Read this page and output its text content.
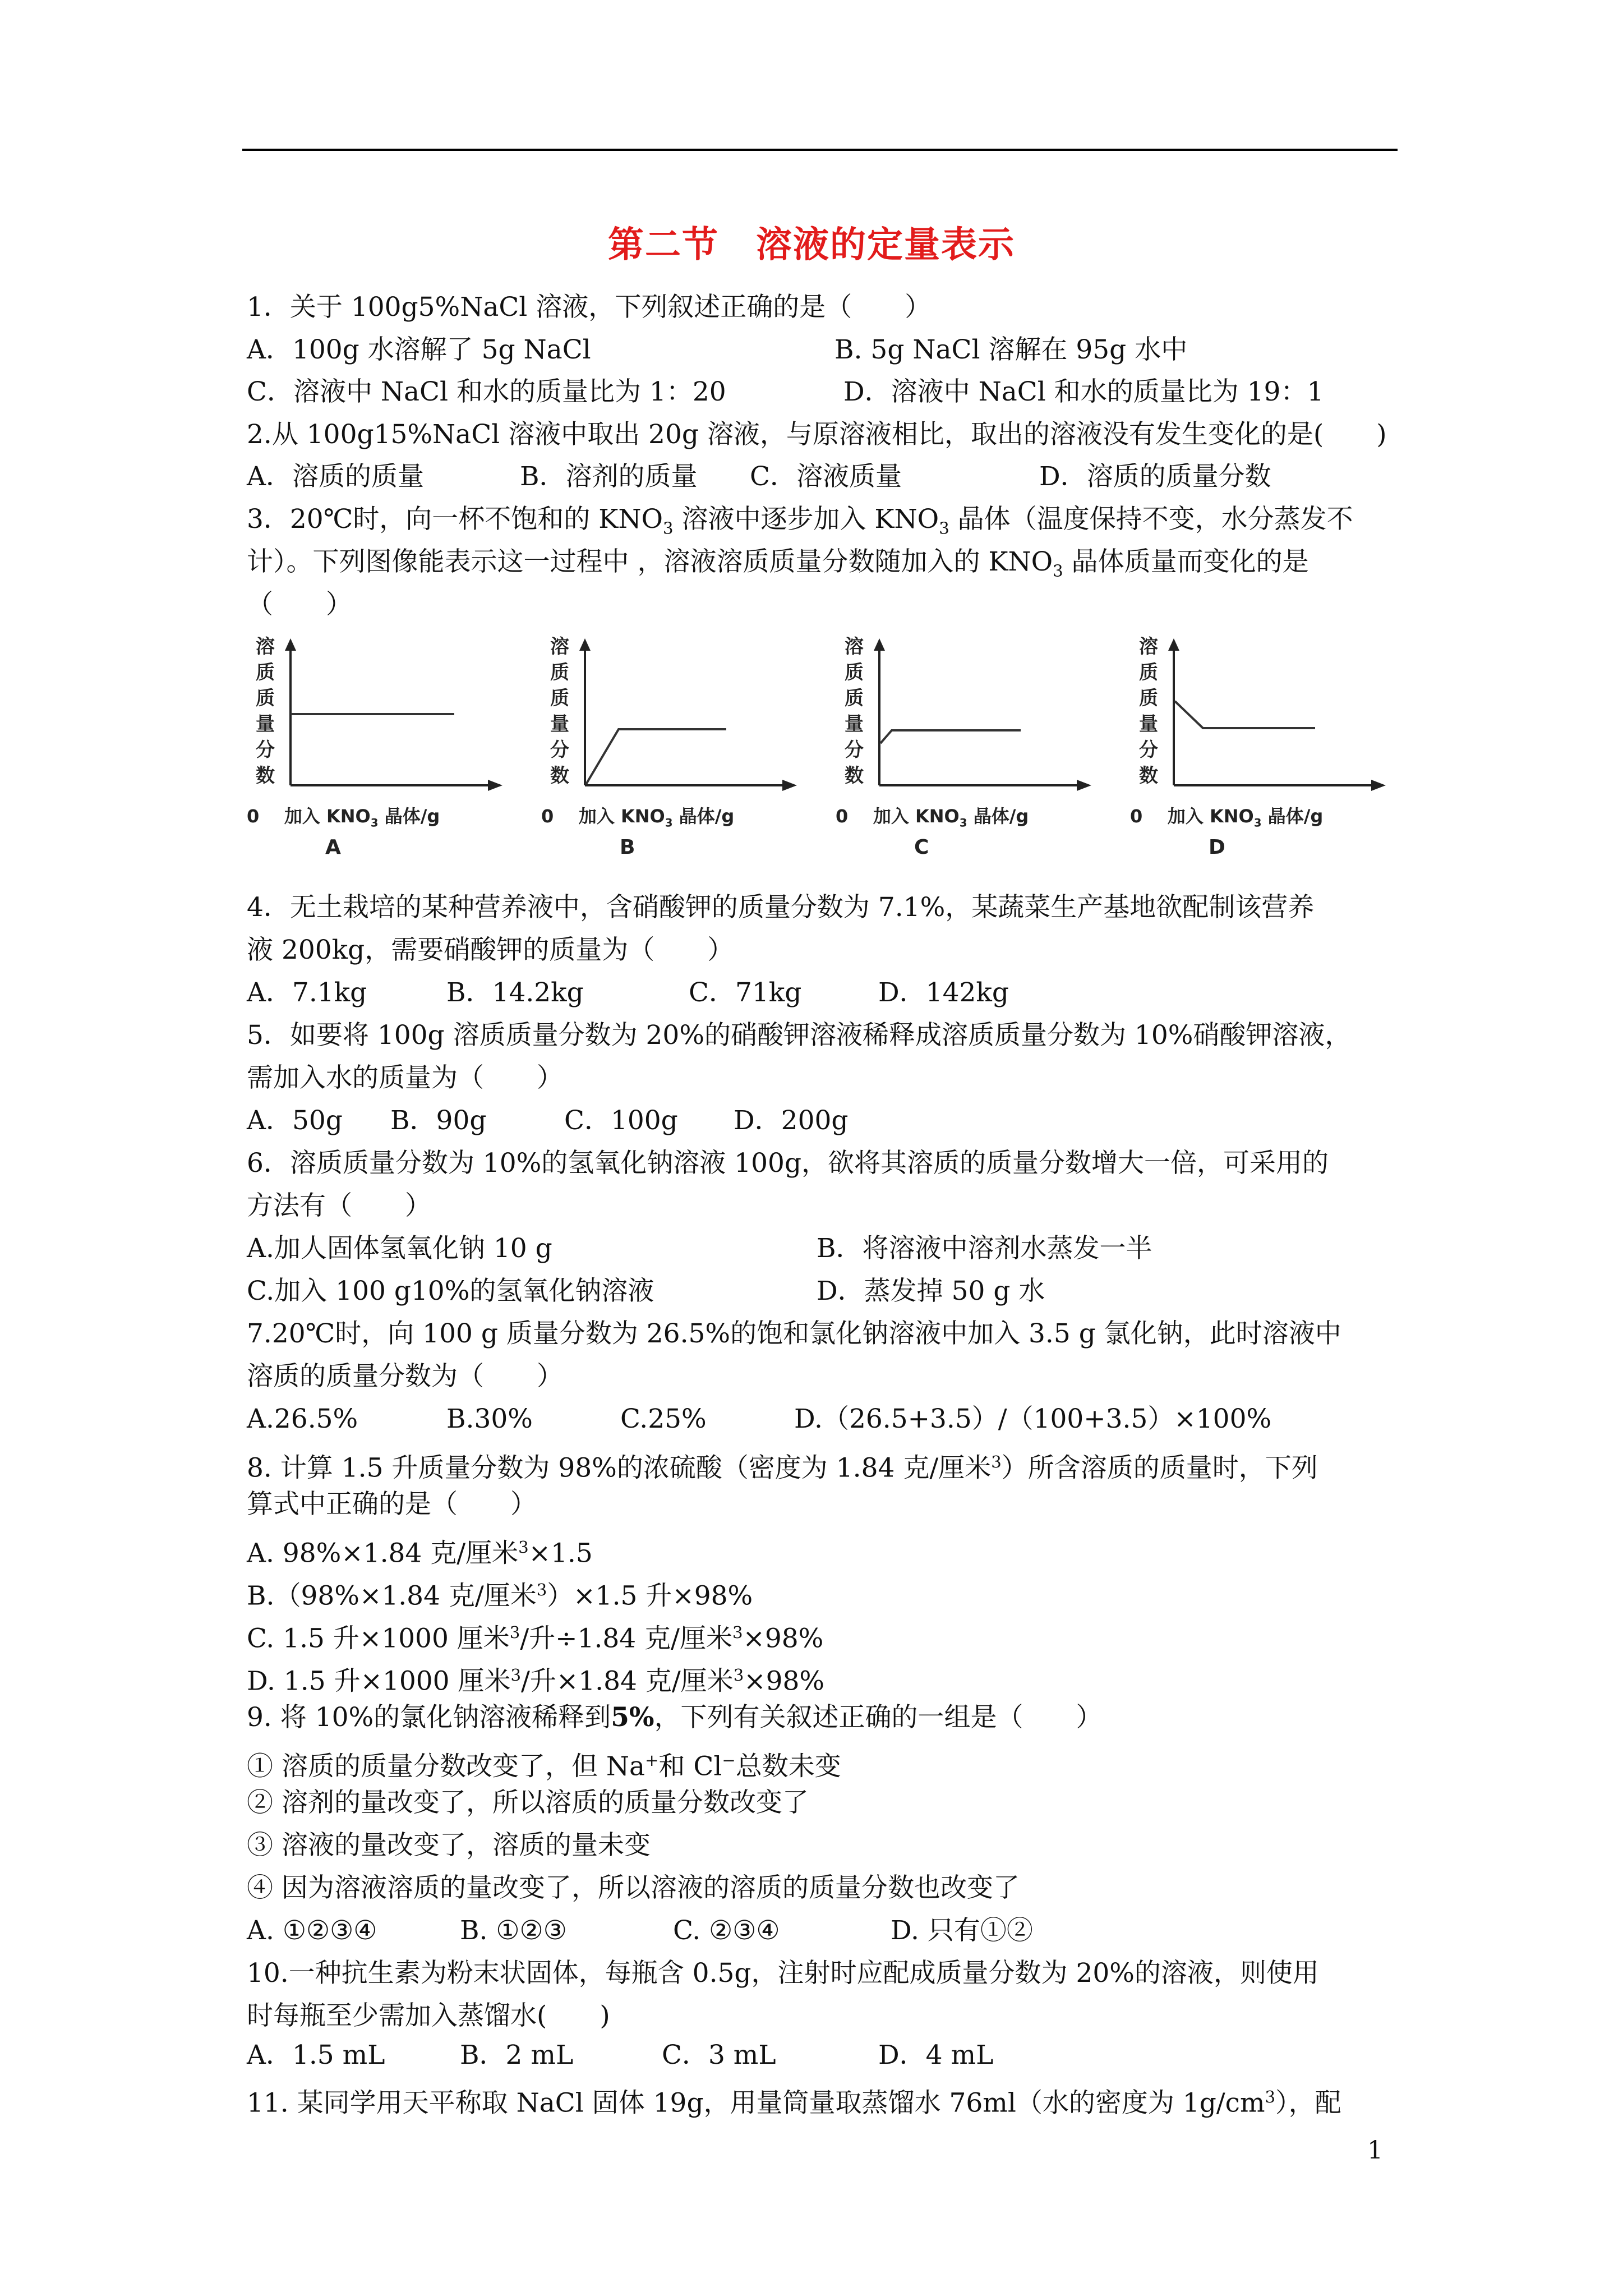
第二节　溶液的定量表示
1．关于 100g5%NaCl 溶液，下列叙述正确的是（　　）
A．100g 水溶解了 5g NaCl	B. 5g NaCl 溶解在 95g 水中
C．溶液中 NaCl 和水的质量比为 1：20	D．溶液中 NaCl 和水的质量比为 19：1
2.从 100g15%NaCl 溶液中取出 20g 溶液，与原溶液相比，取出的溶液没有发生变化的是(　　)
A．溶质的质量	B．溶剂的质量 C．溶液质量	D．溶质的质量分数
3．20℃时，向一杯不饱和的 $KNO_3$ 溶液中逐步加入 $KNO_3$ 晶体（温度保持不变，水分蒸发不
计）。下列图像能表示这一过程中 ，溶液溶质质量分数随加入的 $KNO_3$ 晶体质量而变化的是
（　　）
溶
质
质
量
分
数
0 加入 $KNO_3$ 晶体/g
A
溶
质
质
量
分
数
0 加入 $KNO_3$ 晶体/g
B
溶
质
质
量
分
数
0 加入 $KNO_3$ 晶体/g
C
溶
质
质
量
分
数
0 加入 $KNO_3$ 晶体/g
D
4．无土栽培的某种营养液中，含硝酸钾的质量分数为 7.1%，某蔬菜生产基地欲配制该营养
液 200kg，需要硝酸钾的质量为（　　）
A．7.1kg	B．14.2kg	C．71kg	D．142kg
5．如要将 100g 溶质质量分数为 20%的硝酸钾溶液稀释成溶质质量分数为 10%硝酸钾溶液，
需加入水的质量为（　　）
A．50g B．90g	C．100g D．200g
6．溶质质量分数为 10%的氢氧化钠溶液 100g，欲将其溶质的质量分数增大一倍，可采用的
方法有（　　）
A.加人固体氢氧化钠 10 g	B．将溶液中溶剂水蒸发一半
C.加入 100 g10%的氢氧化钠溶液	D．蒸发掉 50 g 水
7.20℃时，向 100 g 质量分数为 26.5%的饱和氯化钠溶液中加入 3.5 g 氯化钠，此时溶液中
溶质的质量分数为（　　）
A.26.5%	B.30%	C.25%	D.（26.5+3.5）/（100+3.5）×100%
8. 计算 1.5 升质量分数为 98%的浓硫酸（密度为 1.84 克/厘米$^3$）所含溶质的质量时，下列
算式中正确的是（　　）
A. 98%×1.84 克/厘米$^3$×1.5
B.（98%×1.84 克/厘米$^3$）×1.5 升×98%
C. 1.5 升×1000 厘米$^3$/升÷1.84 克/厘米$^3$×98%
D. 1.5 升×1000 厘米$^3$/升×1.84 克/厘米$^3$×98%
9. 将 10%的氯化钠溶液稀释到5%，下列有关叙述正确的一组是（　　）
① 溶质的质量分数改变了，但 Na+和 Cl−总数未变
② 溶剂的量改变了，所以溶质的质量分数改变了
③ 溶液的量改变了，溶质的量未变
④ 因为溶液溶质的量改变了，所以溶液的溶质的质量分数也改变了
A. ①②③④	B. ①②③	C. ②③④	D. 只有①②
10.一种抗生素为粉末状固体，每瓶含 0.5g，注射时应配成质量分数为 20%的溶液，则使用
时每瓶至少需加入蒸馏水(　　)
A．1.5 mL	B．2 mL	C．3 mL	D．4 mL
11. 某同学用天平称取 NaCl 固体 19g，用量筒量取蒸馏水 76ml（水的密度为 $1g/cm^3$），配
1
